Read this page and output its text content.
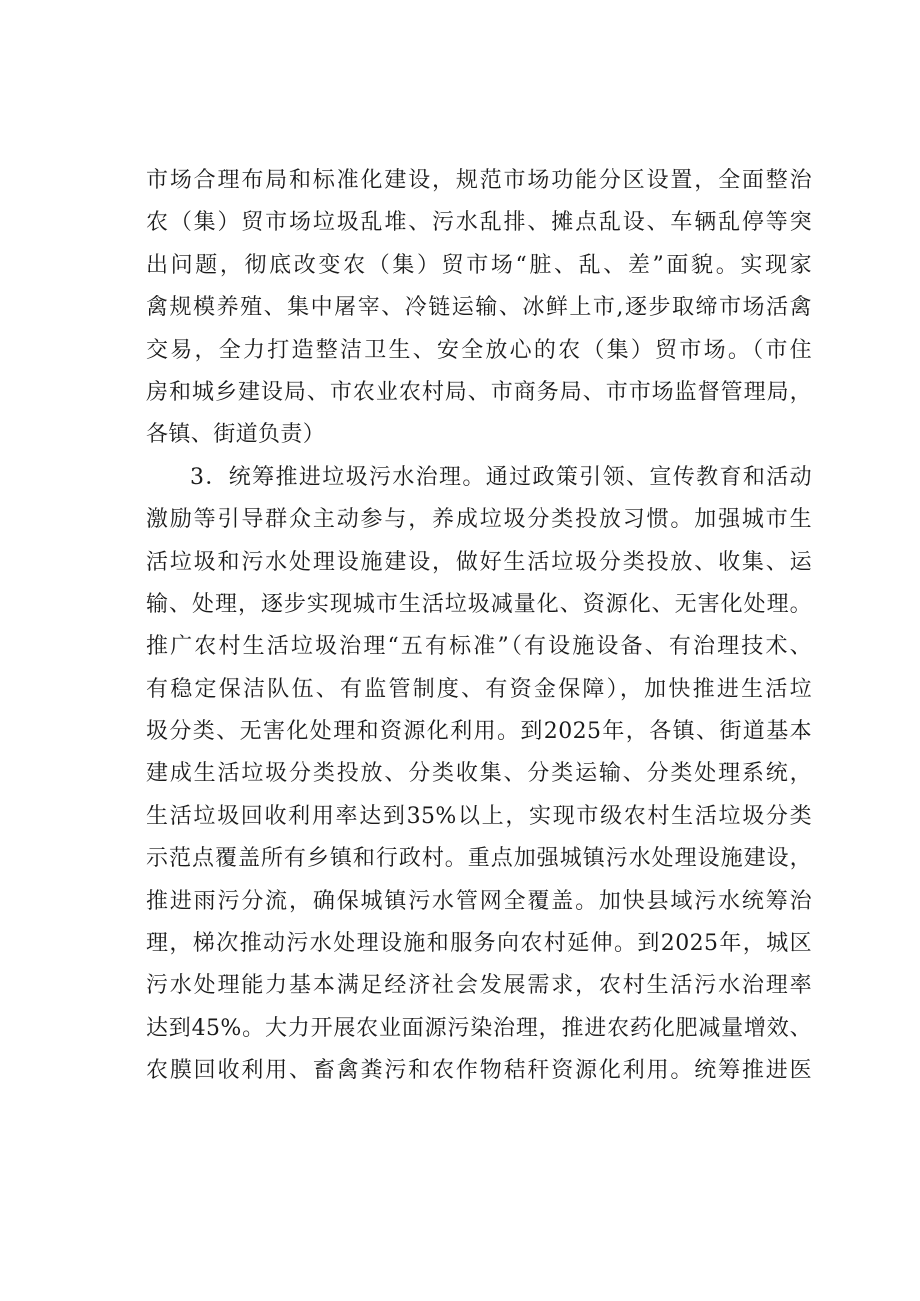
市场合理布局和标准化建设，规范市场功能分区设置，全面整治
农（集）贸市场垃圾乱堆、污水乱排、摊点乱设、车辆乱停等突
出问题，彻底改变农（集）贸市场“脏、乱、差”面貌。实现家
禽规模养殖、集中屠宰、冷链运输、冰鲜上市,逐步取缔市场活禽
交易，全力打造整洁卫生、安全放心的农（集）贸市场。（市住
房和城乡建设局、市农业农村局、市商务局、市市场监督管理局，
各镇、街道负责）
3．统筹推进垃圾污水治理。通过政策引领、宣传教育和活动
激励等引导群众主动参与，养成垃圾分类投放习惯。加强城市生
活垃圾和污水处理设施建设，做好生活垃圾分类投放、收集、运
输、处理，逐步实现城市生活垃圾减量化、资源化、无害化处理。
推广农村生活垃圾治理“五有标准”（有设施设备、有治理技术、
有稳定保洁队伍、有监管制度、有资金保障），加快推进生活垃
圾分类、无害化处理和资源化利用。到2025年，各镇、街道基本
建成生活垃圾分类投放、分类收集、分类运输、分类处理系统，
生活垃圾回收利用率达到35%以上，实现市级农村生活垃圾分类
示范点覆盖所有乡镇和行政村。重点加强城镇污水处理设施建设，
推进雨污分流，确保城镇污水管网全覆盖。加快县域污水统筹治
理，梯次推动污水处理设施和服务向农村延伸。到2025年，城区
污水处理能力基本满足经济社会发展需求，农村生活污水治理率
达到45%。大力开展农业面源污染治理，推进农药化肥减量增效、
农膜回收利用、畜禽粪污和农作物秸秆资源化利用。统筹推进医
